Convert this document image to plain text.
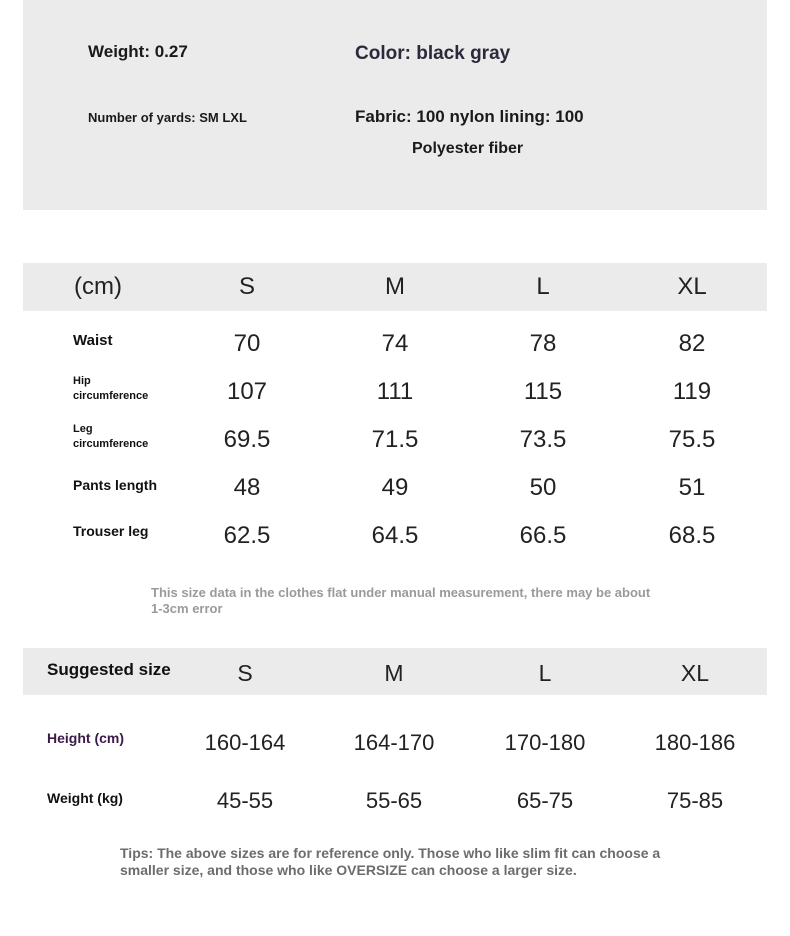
Weight: 0.27	Color: black gray
Number of yards: SM LXL	Fabric: 100 nylon lining: 100
Polyester fiber
(cm)	S	M	L	XL
Waist	70	74	78	82
Hip
circumference	107	111	115	119
Leg
circumference	69.5	71.5	73.5	75.5
Pants length	48	49	50	51
Trouser leg	62.5	64.5	66.5	68.5
This size data in the clothes flat under manual measurement, there may be about 1-3cm error
Suggested size	S	M	L	XL
Height (cm)	160-164	164-170	170-180	180-186
Weight (kg)	45-55	55-65	65-75	75-85
Tips: The above sizes are for reference only. Those who like slim fit can choose a smaller size, and those who like OVERSIZE can choose a larger size.
